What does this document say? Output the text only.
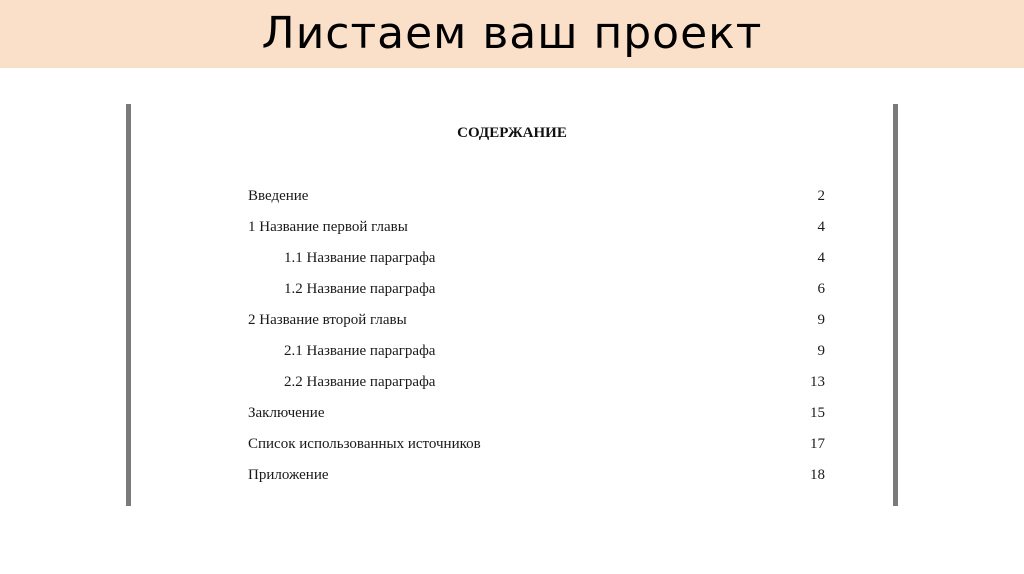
Листаем ваш проект
СОДЕРЖАНИЕ
Введение	2
1 Название первой главы	4
1.1 Название параграфа	4
1.2 Название параграфа	6
2 Название второй главы	9
2.1 Название параграфа	9
2.2 Название параграфа	13
Заключение	15
Список использованных источников	17
Приложение	18
